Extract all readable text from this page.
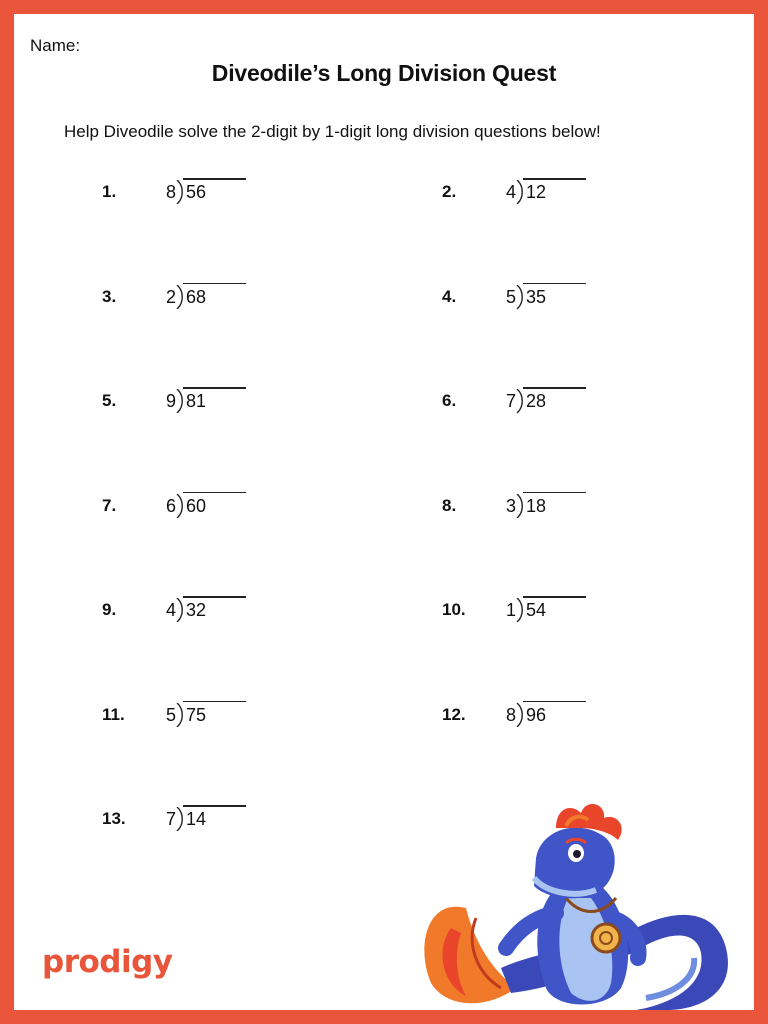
Name:
Diveodile’s Long Division Quest
Help Diveodile solve the 2-digit by 1-digit long division questions below!
1.	8 56	2.	4 12
3.	2 68	4.	5 35
5.	9 81	6.	7 28
7.	6 60	8.	3 18
9.	4 32	10. 1 54
11. 5 75	12. 8 96
13. 7 14
prodigy
